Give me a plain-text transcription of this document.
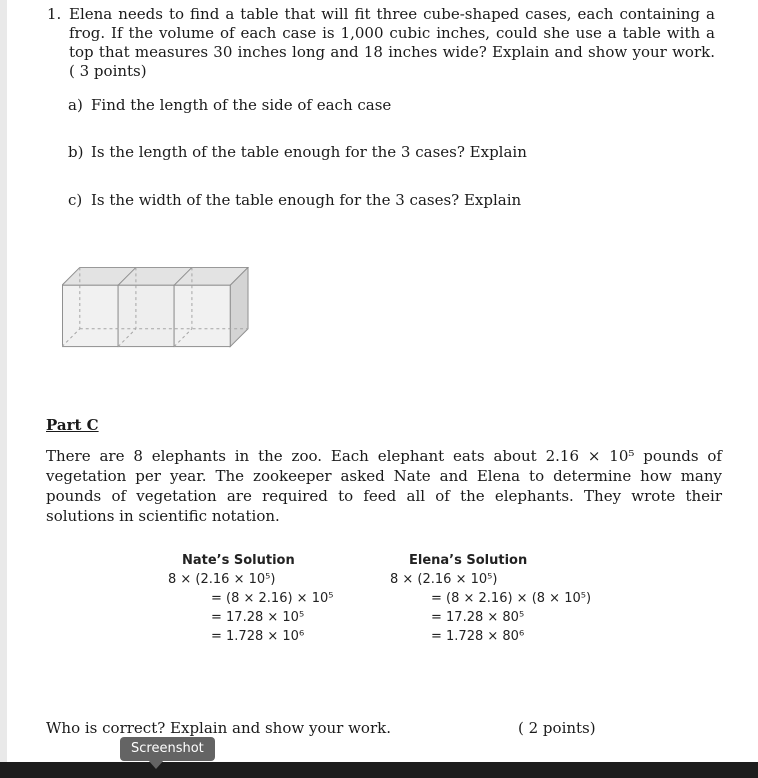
1. Elena needs to find a table that will fit three cube-shaped cases, each containing a frog. If the volume of each case is 1,000 cubic inches, could she use a table with a top that measures 30 inches long and 18 inches wide? Explain and show your work. ( 3 points)
a) Find the length of the side of each case
b) Is the length of the table enough for the 3 cases? Explain
c) Is the width of the table enough for the 3 cases? Explain
Part C
There are 8 elephants in the zoo. Each elephant eats about 2.16 × 10⁵ pounds of vegetation per year. The zookeeper asked Nate and Elena to determine how many pounds of vegetation are required to feed all of the elephants. They wrote their solutions in scientific notation.
Nate’s Solution
8 × (2.16 × 10⁵)
= (8 × 2.16) × 10⁵
= 17.28 × 10⁵
= 1.728 × 10⁶
Elena’s Solution
8 × (2.16 × 10⁵)
= (8 × 2.16) × (8 × 10⁵)
= 17.28 × 80⁵
= 1.728 × 80⁶
Who is correct? Explain and show your work.	( 2 points)
Screenshot
